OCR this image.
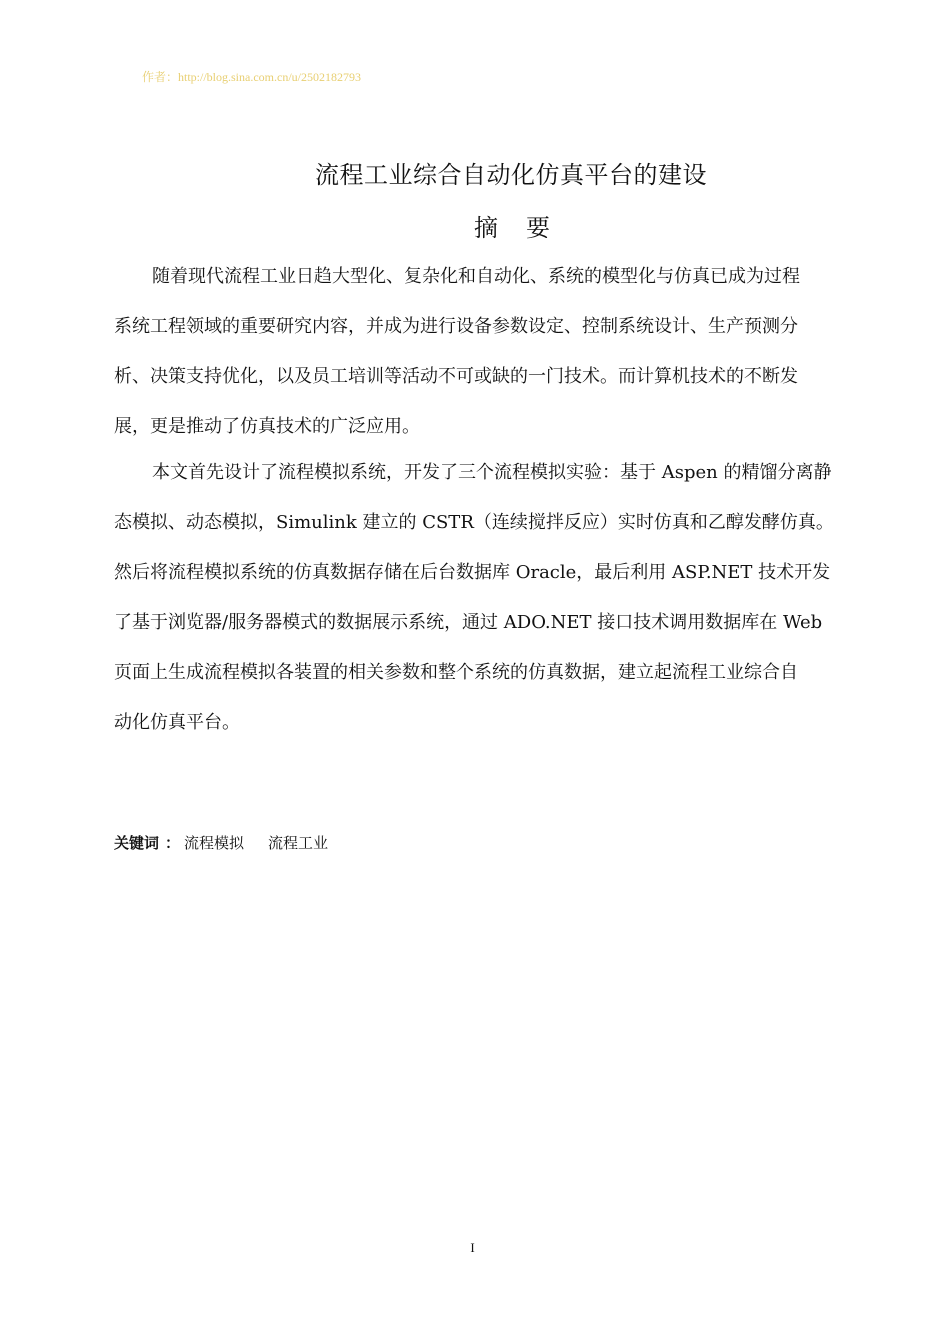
作者：http://blog.sina.com.cn/u/2502182793
流程工业综合自动化仿真平台的建设
摘 要
随着现代流程工业日趋大型化、复杂化和自动化、系统的模型化与仿真已成为过程
系统工程领域的重要研究内容，并成为进行设备参数设定、控制系统设计、生产预测分
析、决策支持优化，以及员工培训等活动不可或缺的一门技术。而计算机技术的不断发
展，更是推动了仿真技术的广泛应用。
本文首先设计了流程模拟系统，开发了三个流程模拟实验：基于 Aspen 的精馏分离静
态模拟、动态模拟，Simulink 建立的 CSTR（连续搅拌反应）实时仿真和乙醇发酵仿真。
然后将流程模拟系统的仿真数据存储在后台数据库 Oracle，最后利用 ASP.NET 技术开发
了基于浏览器/服务器模式的数据展示系统，通过 ADO.NET 接口技术调用数据库在 Web
页面上生成流程模拟各装置的相关参数和整个系统的仿真数据，建立起流程工业综合自
动化仿真平台。
关键词 ： 流程模拟 流程工业
I
